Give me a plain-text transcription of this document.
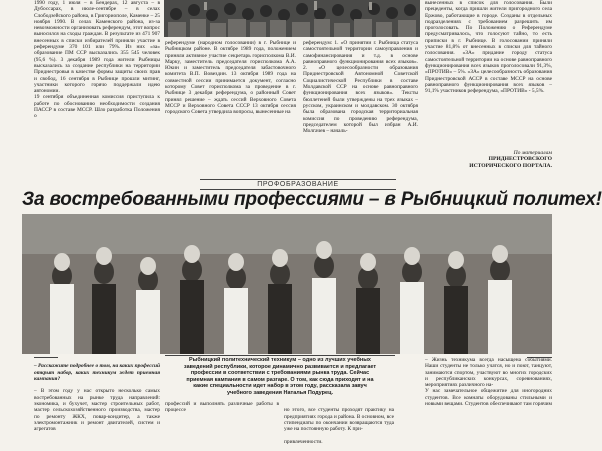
1990 году, 1 июля – в Бендерах, 12 августа – в Дубоссарах, в июле-сентябре – в селах Слободзейского района, в Григориополе, Каменке – 25 ноября 1990. В селах Каменского района, из-за невозможности организовать референдум, этот вопрос выносился на сходы граждан. В результате из 471 907 внесенных в списки избирателей приняли участие в референдуме 370 101 или 79%. Из них «за» образование ПМ ССР высказались 355 545 человек (95,6 %). 3 декабря 1989 года жители Рыбницы высказались за создание республики на территории Приднестровья в качестве формы защиты своих прав и свобод, 16 сентября в Рыбнице прошли митинг, участники которого горячо поддержали идею автономии.
19 сентября объединенная комиссия приступила к работе по обоснованию необходимости создания ПАССР в составе МССР. Шло разработка Положения о
референдуме (народном голосовании) в г. Рыбнице и Рыбницком районе. В октябре 1989 года, положением приняли активное участие секретарь горисполкома В.И. Марку, заместитель председателя горисполкома А.А. Юкин и заместитель председателя забастовочного комитета В.П. Вовездин. 13 октября 1989 года на совместной сессии принимается документ, согласно которому Совет горисполкома за проведение в г. Рыбнице 3 декабря референдума, о районный Совет принял решение – ждать сессий Верховного Совета МССР и Верховного Совета СССР 13 октября сессия городского Совета утвердила вопросы, вынесенные на
референдум: 1. «О принятии г. Рыбница статуса самостоятельной территории самоуправления и самофинансирования и т.д. в основе равноправного функционирования всех языков». 2. «О целесообразности образования Приднестровской Автономной Советской Социалистической Республики в составе Молдавской ССР на основе равноправного функционирования всех языков». Тексты бюллетеней были утверждены на трех языках – русском, украинском и молдавском. 30 октября была образована городская территориальная комиссия по проведению референдума, председателем которой был избран А.И. Молгачев – началь-
вынесенных в список для голосования. Были прецеденты, когда пришли жители пригородного села Ержово, работающие в городе. Созданы в отдельных подразделениях с требованием разрешить им проголосовать. По Положению о Референдуме предусматривалось, что голосуют тайно, то есть приписки в г. Рыбнице. В голосовании приняли участие 81,8% от внесенных в списки для тайного голосования. «ЗА» придание городу статуса самостоятельной территории на основе равноправного функционирования всех языков проголосовали 91,3%, «ПРОТИВ» – 5%. «ЗА» целесообразность образования Приднестровской АССР в составе МССР на основе равноправного функционирования всех языков – 91,1% участников референдума, «ПРОТИВ» - 5,5%.
По материалам
ПРИДНЕСТРОВСКОГО ИСТОРИЧЕСКОГО ПОРТАЛА.
ПРОФОБРАЗОВАНИЕ
За востребованными профессиями – в Рыбницкий политех!
Рыбницкий политехнический техникум – одно из лучших учебных заведений республики, которое динамично развивается и предлагает профессии в соответствии с требованиями рынка труда. Сейчас приемная кампания в самом разгаре. О том, как сюда приходят и на какие специальности идет набор в этом году, рассказала завуч учебного заведения Наталья Подурец.

– Расскажите подробнее о том, на каких профессий открыт набор, каких техникум ждет приемная кампания?

– В этом году у нас открыто несколько самых востребованных на рынке труда направлений: экономика, и бухучет, мастер строительных работ, мастер сельскохозяйственного производства, мастер по ремонту ЖКХ, повар-кондитер, а также электромонтажник и ремонт двигателей, систем и агрегатов

профессий и выполнять различные работы в процессе	но этого, все студенты проходят практику на предприятиях города и района. В основном, все стипендиаты по окончании возвращаются туда уже на постоянную работу. К при-

привлеченности.

– Жизнь техникума всегда насыщена событиями. Наши студенты не только учатся, но и поют, танцуют, занимаются спортом, участвуют во многих городских и республиканских конкурсах, соревнованиях, мероприятиях различного на-
У нас замечательное общежитие для иногородних студентов. Все комнаты оборудованы стильными и новыми вещами. Студентов обеспечивают там горячим
